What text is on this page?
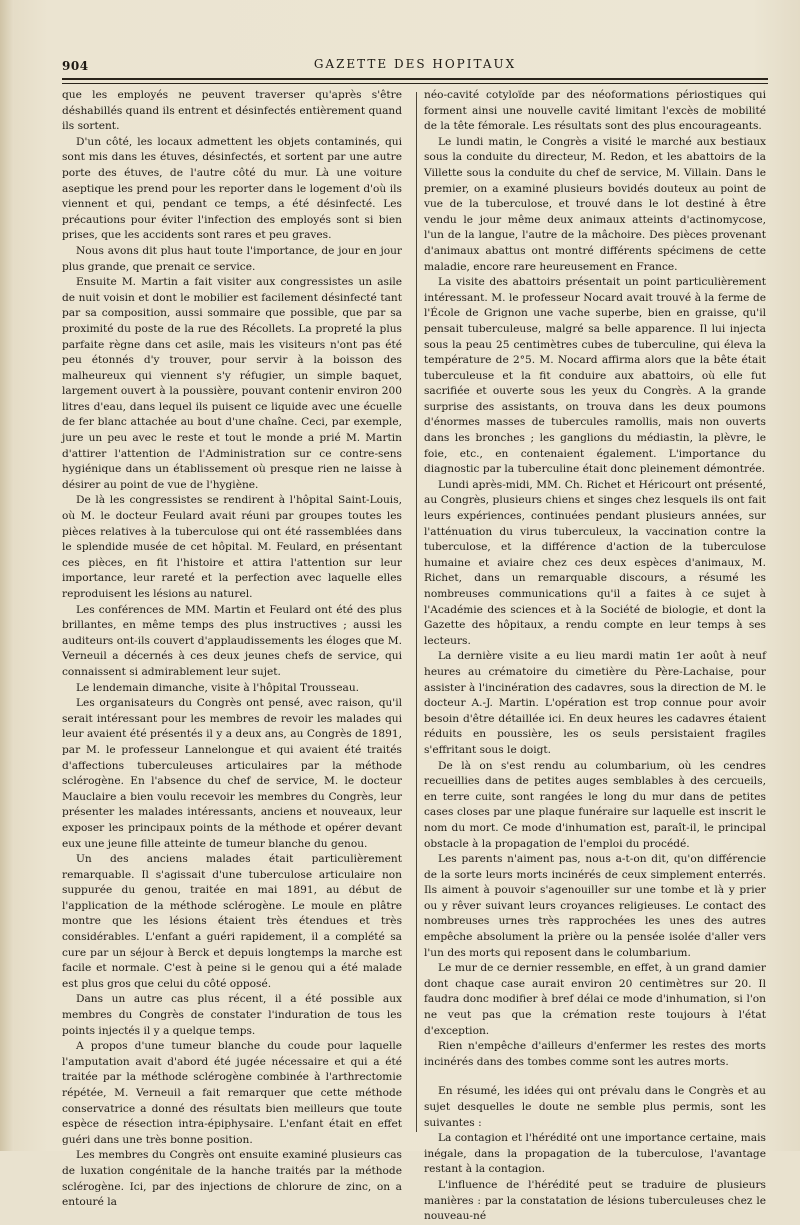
904	GAZETTE DES HOPITAUX

que les employés ne peuvent traverser qu'après s'être déshabillés quand ils entrent et désinfectés entièrement quand ils sortent.

D'un côté, les locaux admettent les objets contaminés, qui sont mis dans les étuves, désinfectés, et sortent par une autre porte des étuves, de l'autre côté du mur. Là une voiture aseptique les prend pour les reporter dans le logement d'où ils viennent et qui, pendant ce temps, a été désinfecté. Les précautions pour éviter l'infection des employés sont si bien prises, que les accidents sont rares et peu graves.

Nous avons dit plus haut toute l'importance, de jour en jour plus grande, que prenait ce service.

Ensuite M. Martin a fait visiter aux congressistes un asile de nuit voisin et dont le mobilier est facilement désinfecté tant par sa composition, aussi sommaire que possible, que par sa proximité du poste de la rue des Récollets. La propreté la plus parfaite règne dans cet asile, mais les visiteurs n'ont pas été peu étonnés d'y trouver, pour servir à la boisson des malheureux qui viennent s'y réfugier, un simple baquet, largement ouvert à la poussière, pouvant contenir environ 200 litres d'eau, dans lequel ils puisent ce liquide avec une écuelle de fer blanc attachée au bout d'une chaîne. Ceci, par exemple, jure un peu avec le reste et tout le monde a prié M. Martin d'attirer l'attention de l'Administration sur ce contre-sens hygiénique dans un établissement où presque rien ne laisse à désirer au point de vue de l'hygiène.

De là les congressistes se rendirent à l'hôpital Saint-Louis, où M. le docteur Feulard avait réuni par groupes toutes les pièces relatives à la tuberculose qui ont été rassemblées dans le splendide musée de cet hôpital. M. Feulard, en présentant ces pièces, en fit l'histoire et attira l'attention sur leur importance, leur rareté et la perfection avec laquelle elles reproduisent les lésions au naturel.

Les conférences de MM. Martin et Feulard ont été des plus brillantes, en même temps des plus instructives ; aussi les auditeurs ont-ils couvert d'applaudissements les éloges que M. Verneuil a décernés à ces deux jeunes chefs de service, qui connaissent si admirablement leur sujet.

Le lendemain dimanche, visite à l'hôpital Trousseau.

Les organisateurs du Congrès ont pensé, avec raison, qu'il serait intéressant pour les membres de revoir les malades qui leur avaient été présentés il y a deux ans, au Congrès de 1891, par M. le professeur Lannelongue et qui avaient été traités d'affections tuberculeuses articulaires par la méthode sclérogène. En l'absence du chef de service, M. le docteur Mauclaire a bien voulu recevoir les membres du Congrès, leur présenter les malades intéressants, anciens et nouveaux, leur exposer les principaux points de la méthode et opérer devant eux une jeune fille atteinte de tumeur blanche du genou.

Un des anciens malades était particulièrement remarquable. Il s'agissait d'une tuberculose articulaire non suppurée du genou, traitée en mai 1891, au début de l'application de la méthode sclérogène. Le moule en plâtre montre que les lésions étaient très étendues et très considérables. L'enfant a guéri rapidement, il a complété sa cure par un séjour à Berck et depuis longtemps la marche est facile et normale. C'est à peine si le genou qui a été malade est plus gros que celui du côté opposé.

Dans un autre cas plus récent, il a été possible aux membres du Congrès de constater l'induration de tous les points injectés il y a quelque temps.

A propos d'une tumeur blanche du coude pour laquelle l'amputation avait d'abord été jugée nécessaire et qui a été traitée par la méthode sclérogène combinée à l'arthrectomie répétée, M. Verneuil a fait remarquer que cette méthode conservatrice a donné des résultats bien meilleurs que toute espèce de résection intra-épiphysaire. L'enfant était en effet guéri dans une très bonne position.

Les membres du Congrès ont ensuite examiné plusieurs cas de luxation congénitale de la hanche traités par la méthode sclérogène. Ici, par des injections de chlorure de zinc, on a entouré la

néo-cavité cotyloïde par des néoformations périostiques qui forment ainsi une nouvelle cavité limitant l'excès de mobilité de la tête fémorale. Les résultats sont des plus encourageants.

Le lundi matin, le Congrès a visité le marché aux bestiaux sous la conduite du directeur, M. Redon, et les abattoirs de la Villette sous la conduite du chef de service, M. Villain. Dans le premier, on a examiné plusieurs bovidés douteux au point de vue de la tuberculose, et trouvé dans le lot destiné à être vendu le jour même deux animaux atteints d'actinomycose, l'un de la langue, l'autre de la mâchoire. Des pièces provenant d'animaux abattus ont montré différents spécimens de cette maladie, encore rare heureusement en France.

La visite des abattoirs présentait un point particulièrement intéressant. M. le professeur Nocard avait trouvé à la ferme de l'École de Grignon une vache superbe, bien en graisse, qu'il pensait tuberculeuse, malgré sa belle apparence. Il lui injecta sous la peau 25 centimètres cubes de tuberculine, qui éleva la température de 2°5. M. Nocard affirma alors que la bête était tuberculeuse et la fit conduire aux abattoirs, où elle fut sacrifiée et ouverte sous les yeux du Congrès. A la grande surprise des assistants, on trouva dans les deux poumons d'énormes masses de tubercules ramollis, mais non ouverts dans les bronches ; les ganglions du médiastin, la plèvre, le foie, etc., en contenaient également. L'importance du diagnostic par la tuberculine était donc pleinement démontrée.

Lundi après-midi, MM. Ch. Richet et Héricourt ont présenté, au Congrès, plusieurs chiens et singes chez lesquels ils ont fait leurs expériences, continuées pendant plusieurs années, sur l'atténuation du virus tuberculeux, la vaccination contre la tuberculose, et la différence d'action de la tuberculose humaine et aviaire chez ces deux espèces d'animaux, M. Richet, dans un remarquable discours, a résumé les nombreuses communications qu'il a faites à ce sujet à l'Académie des sciences et à la Société de biologie, et dont la Gazette des hôpitaux, a rendu compte en leur temps à ses lecteurs.

La dernière visite a eu lieu mardi matin 1er août à neuf heures au crématoire du cimetière du Père-Lachaise, pour assister à l'incinération des cadavres, sous la direction de M. le docteur A.-J. Martin. L'opération est trop connue pour avoir besoin d'être détaillée ici. En deux heures les cadavres étaient réduits en poussière, les os seuls persistaient fragiles s'effritant sous le doigt.

De là on s'est rendu au columbarium, où les cendres recueillies dans de petites auges semblables à des cercueils, en terre cuite, sont rangées le long du mur dans de petites cases closes par une plaque funéraire sur laquelle est inscrit le nom du mort. Ce mode d'inhumation est, paraît-il, le principal obstacle à la propagation de l'emploi du procédé.

Les parents n'aiment pas, nous a-t-on dit, qu'on différencie de la sorte leurs morts incinérés de ceux simplement enterrés. Ils aiment à pouvoir s'agenouiller sur une tombe et là y prier ou y rêver suivant leurs croyances religieuses. Le contact des nombreuses urnes très rapprochées les unes des autres empêche absolument la prière ou la pensée isolée d'aller vers l'un des morts qui reposent dans le columbarium.

Le mur de ce dernier ressemble, en effet, à un grand damier dont chaque case aurait environ 20 centimètres sur 20. Il faudra donc modifier à bref délai ce mode d'inhumation, si l'on ne veut pas que la crémation reste toujours à l'état d'exception.

Rien n'empêche d'ailleurs d'enfermer les restes des morts incinérés dans des tombes comme sont les autres morts.

En résumé, les idées qui ont prévalu dans le Congrès et au sujet desquelles le doute ne semble plus permis, sont les suivantes :

La contagion et l'hérédité ont une importance certaine, mais inégale, dans la propagation de la tuberculose, l'avantage restant à la contagion.

L'influence de l'hérédité peut se traduire de plusieurs manières : par la constatation de lésions tuberculeuses chez le nouveau-né
